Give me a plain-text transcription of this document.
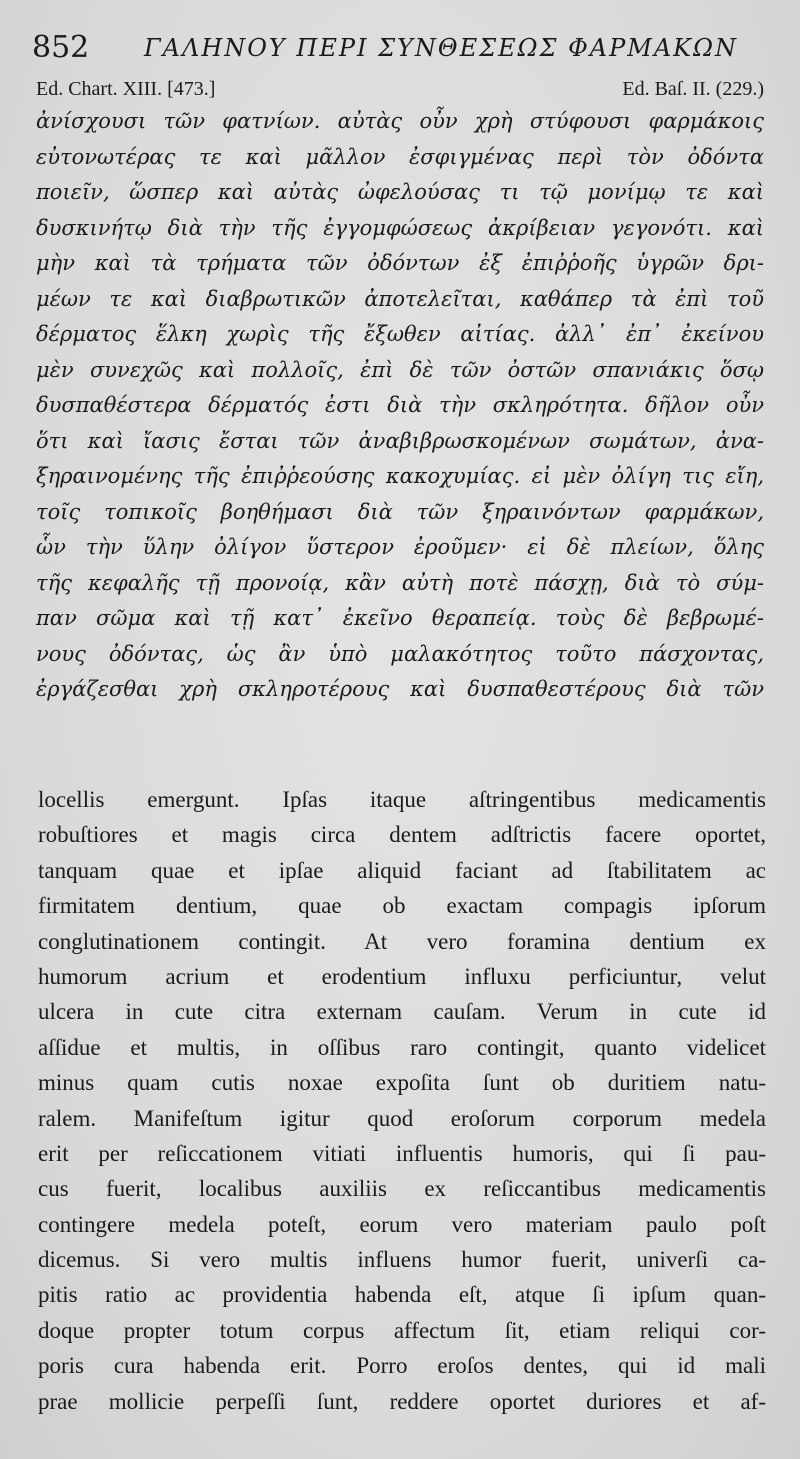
852 ΓΑΛΗΝΟΥ ΠΕΡΙ ΣΥΝΘΕΣΕΩΣ ΦΑΡΜΑΚΩΝ
Ed. Chart. XIII. [473.]	Ed. Baſ. II. (229.)
ἀνίσχουσι τῶν φατνίων. αὐτὰς οὖν χρὴ στύφουσι φαρμάκοις
εὐτονωτέρας τε καὶ μᾶλλον ἐσφιγμένας περὶ τὸν ὀδόντα
ποιεῖν, ὥσπερ καὶ αὐτὰς ὠφελούσας τι τῷ μονίμῳ τε καὶ
δυσκινήτῳ διὰ τὴν τῆς ἐγγομφώσεως ἀκρίβειαν γεγονότι. καὶ
μὴν καὶ τὰ τρήματα τῶν ὀδόντων ἐξ ἐπιῤῥοῆς ὑγρῶν δρι-
μέων τε καὶ διαβρωτικῶν ἀποτελεῖται, καθάπερ τὰ ἐπὶ τοῦ
δέρματος ἕλκη χωρὶς τῆς ἔξωθεν αἰτίας. ἀλλ᾽ ἐπ᾽ ἐκείνου
μὲν συνεχῶς καὶ πολλοῖς, ἐπὶ δὲ τῶν ὀστῶν σπανιάκις ὅσῳ
δυσπαθέστερα δέρματός ἐστι διὰ τὴν σκληρότητα. δῆλον οὖν
ὅτι καὶ ἴασις ἔσται τῶν ἀναβιβρωσκομένων σωμάτων, ἀνα-
ξηραινομένης τῆς ἐπιῤῥεούσης κακοχυμίας. εἰ μὲν ὀλίγη τις εἴη,
τοῖς τοπικοῖς βοηθήμασι διὰ τῶν ξηραινόντων φαρμάκων,
ὧν τὴν ὕλην ὀλίγον ὕστερον ἐροῦμεν· εἰ δὲ πλείων, ὅλης
τῆς κεφαλῆς τῇ προνοίᾳ, κἂν αὐτὴ ποτὲ πάσχῃ, διὰ τὸ σύμ-
παν σῶμα καὶ τῇ κατ᾽ ἐκεῖνο θεραπείᾳ. τοὺς δὲ βεβρωμέ-
νους ὀδόντας, ὡς ἂν ὑπὸ μαλακότητος τοῦτο πάσχοντας,
ἐργάζεσθαι χρὴ σκληροτέρους καὶ δυσπαθεστέρους διὰ τῶν
locellis emergunt. Ipſas itaque aſtringentibus medicamentis
robuſtiores et magis circa dentem adſtrictis facere oportet,
tanquam quae et ipſae aliquid faciant ad ſtabilitatem ac
firmitatem dentium, quae ob exactam compagis ipſorum
conglutinationem contingit. At vero foramina dentium ex
humorum acrium et erodentium influxu perficiuntur, velut
ulcera in cute citra externam cauſam. Verum in cute id
aſſidue et multis, in oſſibus raro contingit, quanto videlicet
minus quam cutis noxae expoſita ſunt ob duritiem natu-
ralem. Manifeſtum igitur quod eroſorum corporum medela
erit per reſiccationem vitiati influentis humoris, qui ſi pau-
cus fuerit, localibus auxiliis ex reſiccantibus medicamentis
contingere medela poteſt, eorum vero materiam paulo poſt
dicemus. Si vero multis influens humor fuerit, univerſi ca-
pitis ratio ac providentia habenda eſt, atque ſi ipſum quan-
doque propter totum corpus affectum ſit, etiam reliqui cor-
poris cura habenda erit. Porro eroſos dentes, qui id mali
prae mollicie perpeſſi ſunt, reddere oportet duriores et af-
